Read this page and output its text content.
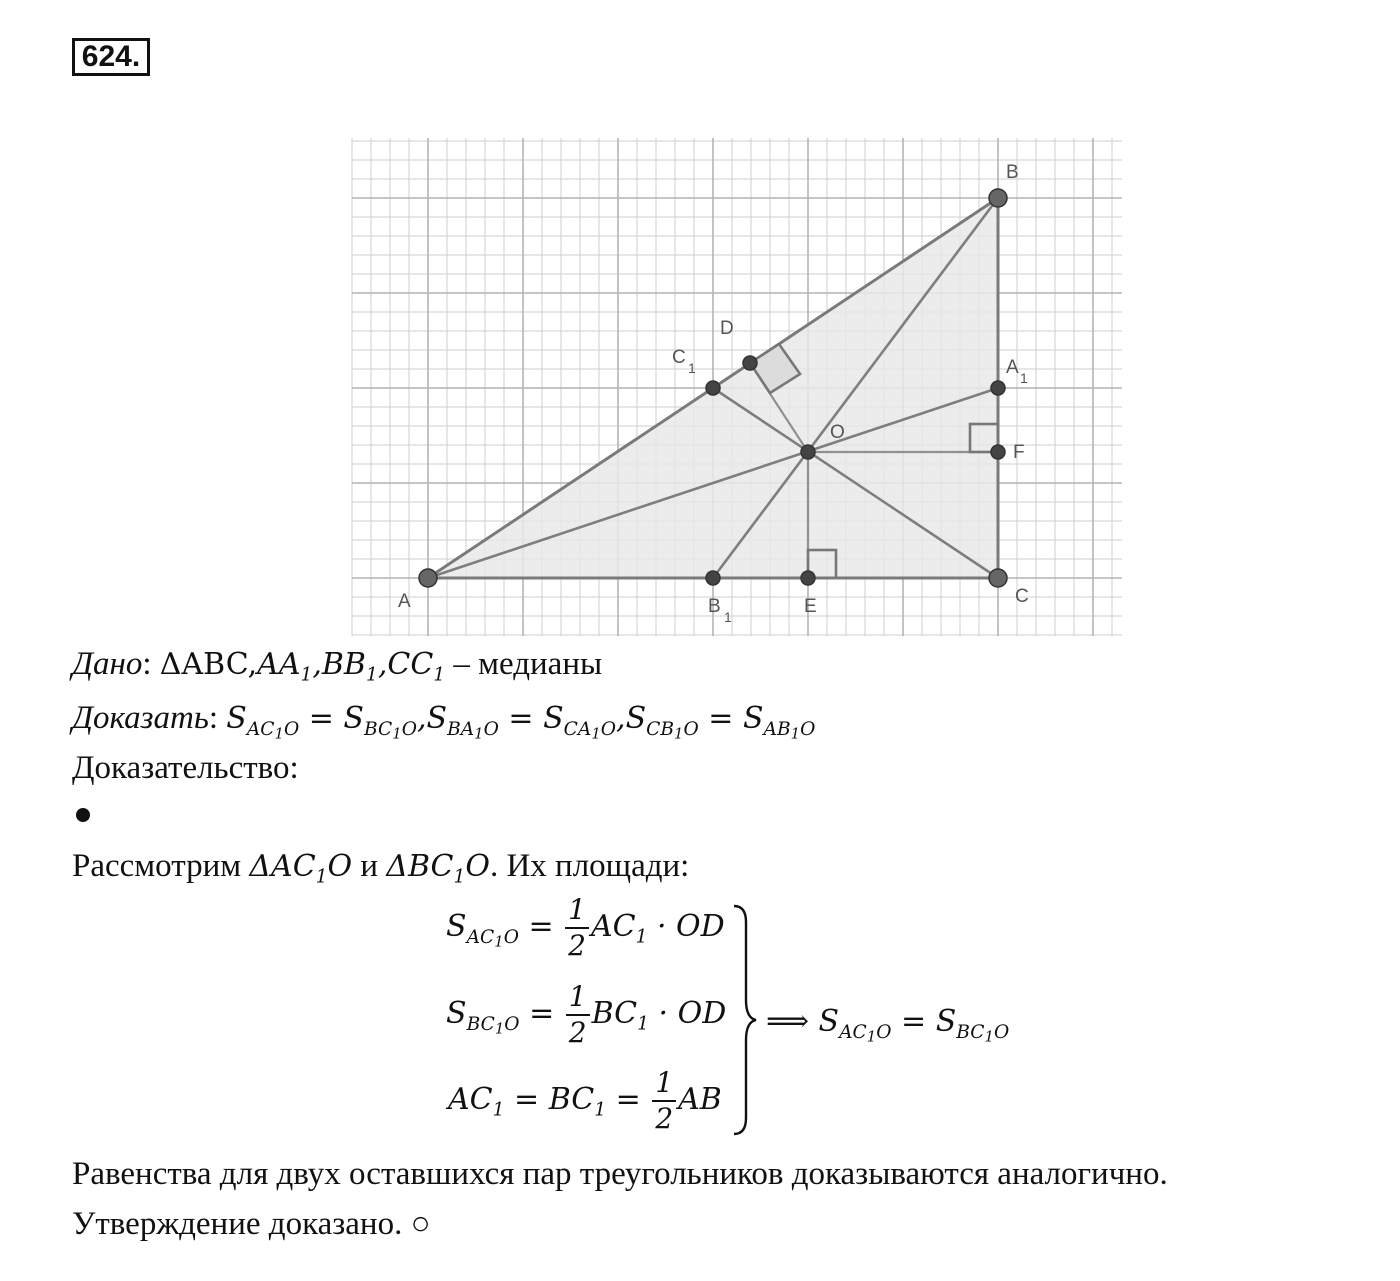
624.
A
B
C
O
D
E
F
C 1	A 1
B 1
Дано: $\Delta ABC,AA_1,BB_1,CC_1$ – медианы
Доказать: $S_{AC_1O} = S_{BC_1O},S_{BA_1O} = S_{CA_1O},S_{CB_1O} = S_{AB_1O}$
Доказательство:
Рассмотрим $\Delta AC_1O$ и $\Delta BC_1O$. Их площади:
$S_{AC_1O} = \frac{1}{2} AC_1$ · OD
$S_{BC_1O} = \frac{1}{2} BC_1$ · OD
$AC_1 = BC_1 = \frac{1}{2}$ AB
⟹ $S_{AC_1O} = S_{BC_1O}$
Равенства для двух оставшихся пар треугольников доказываются аналогично.
Утверждение доказано. ○
